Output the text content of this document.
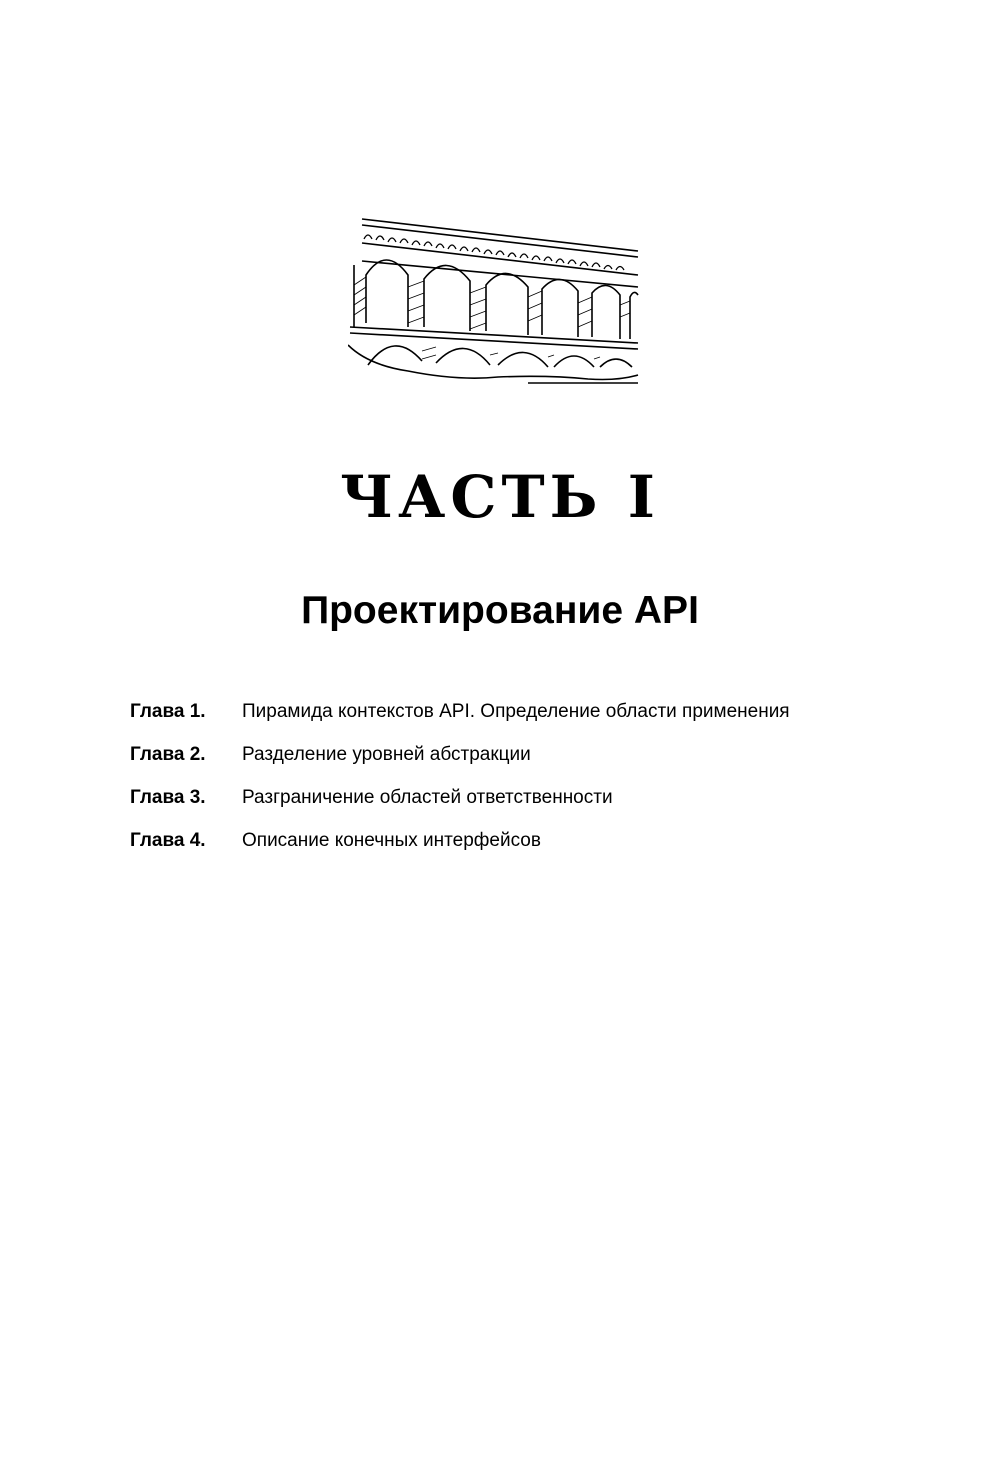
ЧАСТЬ I
Проектирование API
Глава 1.	Пирамида контекстов API. Определение области применения
Глава 2.	Разделение уровней абстракции
Глава 3.	Разграничение областей ответственности
Глава 4.	Описание конечных интерфейсов
